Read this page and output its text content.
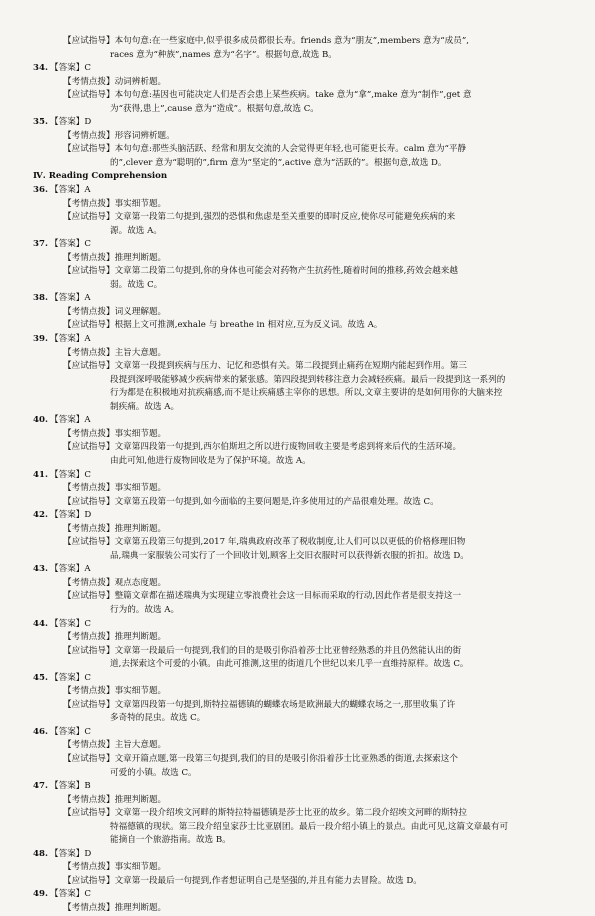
【应试指导】本句句意:在一些家庭中,似乎很多成员都很长寿。friends 意为“朋友”,members 意为“成员”,
races 意为“种族”,names 意为“名字”。根据句意,故选 B。
34. 【答案】C
【考情点拨】动词辨析题。
【应试指导】本句句意:基因也可能决定人们是否会患上某些疾病。take 意为“拿”,make 意为“制作”,get 意
为“获得,患上”,cause 意为“造成”。根据句意,故选 C。
35. 【答案】D
【考情点拨】形容词辨析题。
【应试指导】本句句意:那些头脑活跃、经常和朋友交流的人会觉得更年轻,也可能更长寿。calm 意为“平静
的”,clever 意为“聪明的”,firm 意为“坚定的”,active 意为“活跃的”。根据句意,故选 D。
Ⅳ. Reading Comprehension
36. 【答案】A
【考情点拨】事实细节题。
【应试指导】文章第一段第二句提到,强烈的恐惧和焦虑是至关重要的即时反应,使你尽可能避免疾病的来
源。故选 A。
37. 【答案】C
【考情点拨】推理判断题。
【应试指导】文章第二段第二句提到,你的身体也可能会对药物产生抗药性,随着时间的推移,药效会越来越
弱。故选 C。
38. 【答案】A
【考情点拨】词义理解题。
【应试指导】根据上文可推测,exhale 与 breathe in 相对应,互为反义词。故选 A。
39. 【答案】A
【考情点拨】主旨大意题。
【应试指导】文章第一段提到疾病与压力、记忆和恐惧有关。第二段提到止痛药在短期内能起到作用。第三
段提到深呼吸能够减少疾病带来的紧张感。第四段提到转移注意力会减轻疾痛。最后一段提到这一系列的
行为都是在积极地对抗疾痛感,而不是让疾痛感主宰你的思想。所以,文章主要讲的是如何用你的大脑来控
制疾痛。故选 A。
40. 【答案】A
【考情点拨】事实细节题。
【应试指导】文章第四段第一句提到,西尔伯斯坦之所以进行废物回收主要是考虑到将来后代的生活环境。
由此可知,他进行废物回收是为了保护环境。故选 A。
41. 【答案】C
【考情点拨】事实细节题。
【应试指导】文章第五段第一句提到,如今面临的主要问题是,许多使用过的产品很难处理。故选 C。
42. 【答案】D
【考情点拨】推理判断题。
【应试指导】文章第五段第三句提到,2017 年,瑞典政府改革了税收制度,让人们可以以更低的价格修理旧物
品,瑞典一家服装公司实行了一个回收计划,顾客上交旧衣服时可以获得新衣服的折扣。故选 D。
43. 【答案】A
【考情点拨】观点态度题。
【应试指导】整篇文章都在描述瑞典为实现建立零浪费社会这一目标而采取的行动,因此作者是很支持这一
行为的。故选 A。
44. 【答案】C
【考情点拨】推理判断题。
【应试指导】文章第一段最后一句提到,我们的目的是吸引你沿着莎士比亚曾经熟悉的并且仍然能认出的街
道,去探索这个可爱的小镇。由此可推测,这里的街道几个世纪以来几乎一直维持原样。故选 C。
45. 【答案】C
【考情点拨】事实细节题。
【应试指导】文章第四段第一句提到,斯特拉福德镇的蝴蝶农场是欧洲最大的蝴蝶农场之一,那里收集了许
多奇特的昆虫。故选 C。
46. 【答案】C
【考情点拨】主旨大意题。
【应试指导】文章开篇点题,第一段第三句提到,我们的目的是吸引你沿着莎士比亚熟悉的街道,去探索这个
可爱的小镇。故选 C。
47. 【答案】B
【考情点拨】推理判断题。
【应试指导】文章第一段介绍埃文河畔的斯特拉特福德镇是莎士比亚的故乡。第二段介绍埃文河畔的斯特拉
特福德镇的现状。第三段介绍皇家莎士比亚剧团。最后一段介绍小镇上的景点。由此可见,这篇文章最有可
能摘自一个旅游指南。故选 B。
48. 【答案】D
【考情点拨】事实细节题。
【应试指导】文章第一段最后一句提到,作者想证明自己是坚强的,并且有能力去冒险。故选 D。
49. 【答案】C
【考情点拨】推理判断题。
